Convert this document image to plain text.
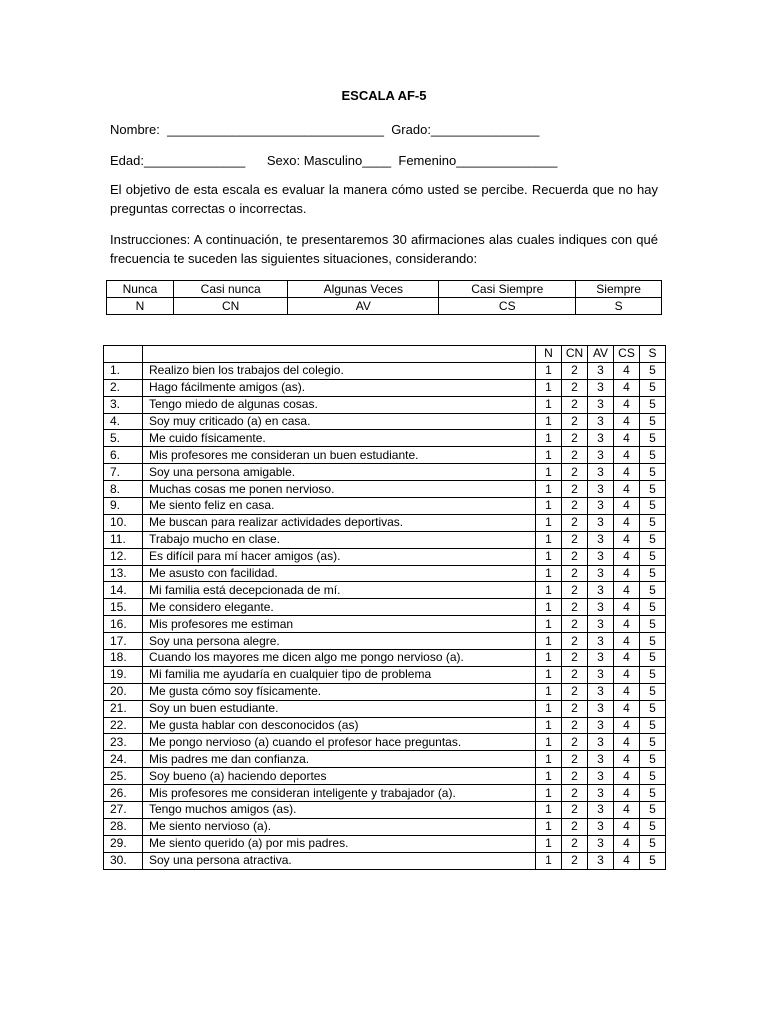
ESCALA AF-5
Nombre:  ______________________________  Grado:_______________
Edad:______________      Sexo: Masculino____  Femenino______________
El objetivo de esta escala es evaluar la manera cómo usted se percibe. Recuerda que no hay preguntas correctas o incorrectas.
Instrucciones: A continuación, te presentaremos 30 afirmaciones alas cuales indiques con qué frecuencia te suceden las siguientes situaciones, considerando:
Nunca	Casi nunca	Algunas Veces	Casi Siempre	Siempre
N	CN	AV	CS	S
		N	CN	AV	CS	S
1.	Realizo bien los trabajos del colegio.	1	2	3	4	5
2.	Hago fácilmente amigos (as).	1	2	3	4	5
3.	Tengo miedo de algunas cosas.	1	2	3	4	5
4.	Soy muy criticado (a) en casa.	1	2	3	4	5
5.	Me cuido físicamente.	1	2	3	4	5
6.	Mis profesores me consideran un buen estudiante.	1	2	3	4	5
7.	Soy una persona amigable.	1	2	3	4	5
8.	Muchas cosas me ponen nervioso.	1	2	3	4	5
9.	Me siento feliz en casa.	1	2	3	4	5
10.	Me buscan para realizar actividades deportivas.	1	2	3	4	5
11.	Trabajo mucho en clase.	1	2	3	4	5
12.	Es difícil para mí hacer amigos (as).	1	2	3	4	5
13.	Me asusto con facilidad.	1	2	3	4	5
14.	Mi familia está decepcionada de mí.	1	2	3	4	5
15.	Me considero elegante.	1	2	3	4	5
16.	Mis profesores me estiman	1	2	3	4	5
17.	Soy una persona alegre.	1	2	3	4	5
18.	Cuando los mayores me dicen algo me pongo nervioso (a).	1	2	3	4	5
19.	Mi familia me ayudaría en cualquier tipo de problema	1	2	3	4	5
20.	Me gusta cómo soy físicamente.	1	2	3	4	5
21.	Soy un buen estudiante.	1	2	3	4	5
22.	Me gusta hablar con desconocidos (as)	1	2	3	4	5
23.	Me pongo nervioso (a) cuando el profesor hace preguntas.	1	2	3	4	5
24.	Mis padres me dan confianza.	1	2	3	4	5
25.	Soy bueno (a) haciendo deportes	1	2	3	4	5
26.	Mis profesores me consideran inteligente y trabajador (a).	1	2	3	4	5
27.	Tengo muchos amigos (as).	1	2	3	4	5
28.	Me siento nervioso (a).	1	2	3	4	5
29.	Me siento querido (a) por mis padres.	1	2	3	4	5
30.	Soy una persona atractiva.	1	2	3	4	5
